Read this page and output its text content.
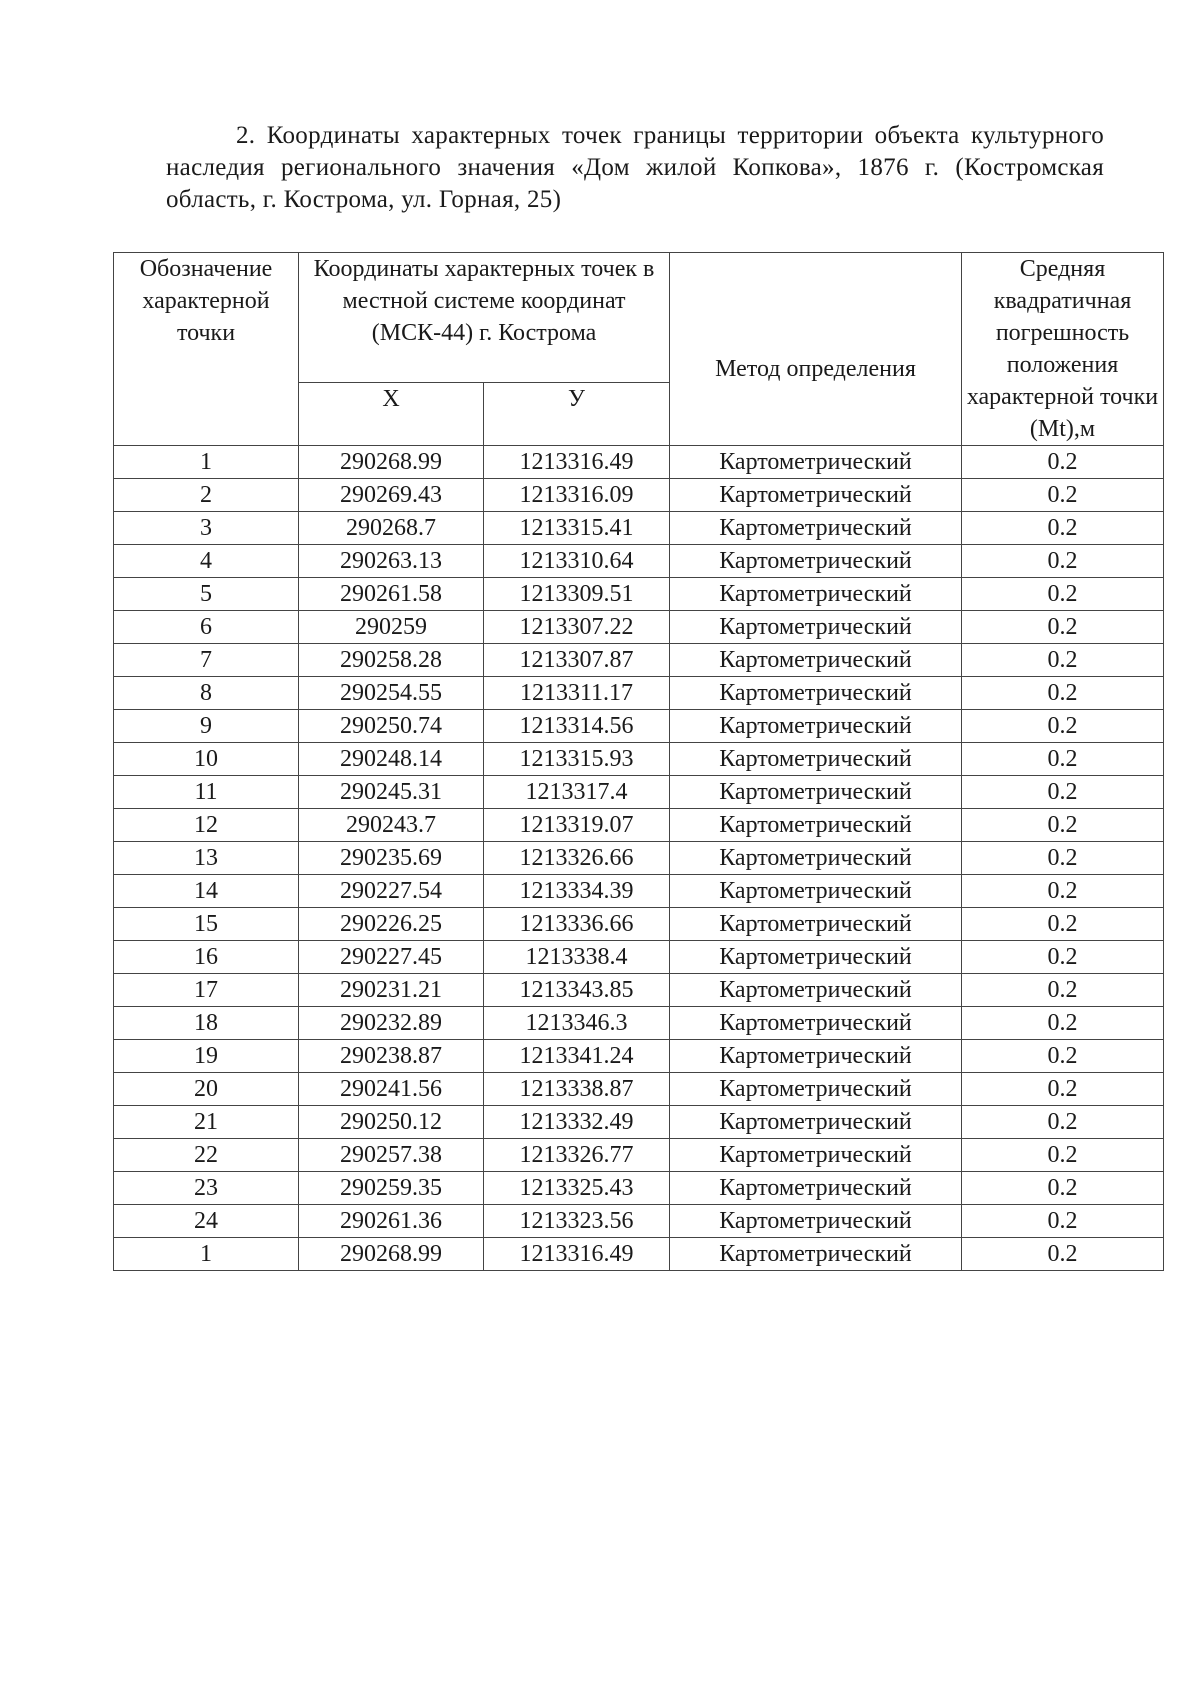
2. Координаты характерных точек границы территории объекта культурного наследия регионального значения «Дом жилой Копкова», 1876 г. (Костромская область, г. Кострома, ул. Горная, 25)

Обозначение характерной точки	Координаты характерных точек в местной системе координат (МСК-44) г. Кострома		Метод определения	Средняя квадратичная погрешность положения характерной точки (Mt),м
	X	У		
1	290268.99	1213316.49	Картометрический	0.2
2	290269.43	1213316.09	Картометрический	0.2
3	290268.7	1213315.41	Картометрический	0.2
4	290263.13	1213310.64	Картометрический	0.2
5	290261.58	1213309.51	Картометрический	0.2
6	290259	1213307.22	Картометрический	0.2
7	290258.28	1213307.87	Картометрический	0.2
8	290254.55	1213311.17	Картометрический	0.2
9	290250.74	1213314.56	Картометрический	0.2
10	290248.14	1213315.93	Картометрический	0.2
11	290245.31	1213317.4	Картометрический	0.2
12	290243.7	1213319.07	Картометрический	0.2
13	290235.69	1213326.66	Картометрический	0.2
14	290227.54	1213334.39	Картометрический	0.2
15	290226.25	1213336.66	Картометрический	0.2
16	290227.45	1213338.4	Картометрический	0.2
17	290231.21	1213343.85	Картометрический	0.2
18	290232.89	1213346.3	Картометрический	0.2
19	290238.87	1213341.24	Картометрический	0.2
20	290241.56	1213338.87	Картометрический	0.2
21	290250.12	1213332.49	Картометрический	0.2
22	290257.38	1213326.77	Картометрический	0.2
23	290259.35	1213325.43	Картометрический	0.2
24	290261.36	1213323.56	Картометрический	0.2
1	290268.99	1213316.49	Картометрический	0.2
